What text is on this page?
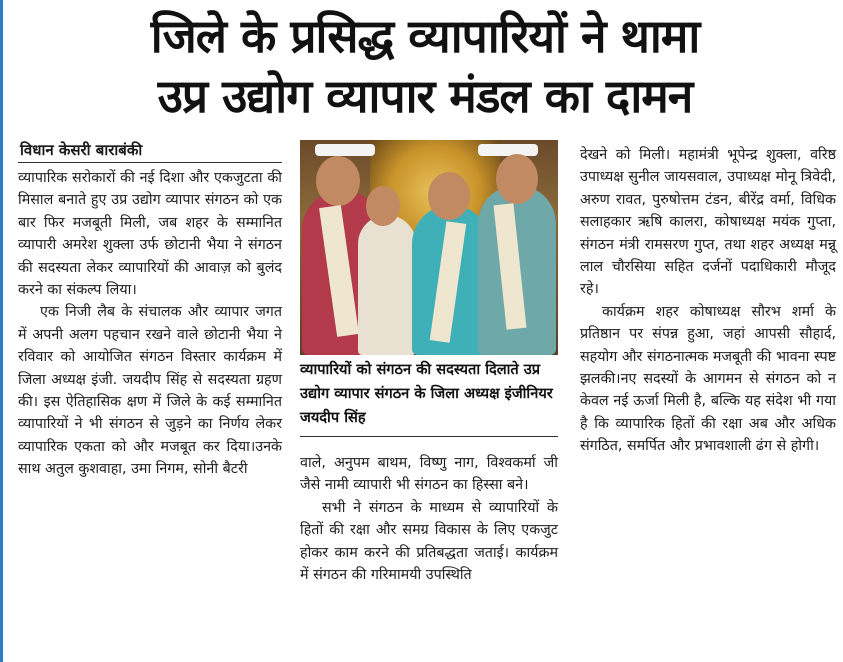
जिले के प्रसिद्ध व्यापारियों ने थामा
उप्र उद्योग व्यापार मंडल का दामन
विधान केसरी बाराबंकी

व्यापारिक सरोकारों की नई दिशा और एकजुटता की मिसाल बनाते हुए उप्र उद्योग व्यापार संगठन को एक बार फिर मजबूती मिली, जब शहर के सम्मानित व्यापारी अमरेश शुक्ला उर्फ छोटानी भैया ने संगठन की सदस्यता लेकर व्यापारियों की आवाज़ को बुलंद करने का संकल्प लिया।

एक निजी लैब के संचालक और व्यापार जगत में अपनी अलग पहचान रखने वाले छोटानी भैया ने रविवार को आयोजित संगठन विस्तार कार्यक्रम में जिला अध्यक्ष इंजी. जयदीप सिंह से सदस्यता ग्रहण की। इस ऐतिहासिक क्षण में जिले के कई सम्मानित व्यापारियों ने भी संगठन से जुड़ने का निर्णय लेकर व्यापारिक एकता को और मजबूत कर दिया।उनके साथ अतुल कुशवाहा, उमा निगम, सोनी बैटरी

व्यापारियों को संगठन की सदस्यता दिलाते उप्र उद्योग व्यापार संगठन के जिला अध्यक्ष इंजीनियर जयदीप सिंह

वाले, अनुपम बाथम, विष्णु नाग, विश्वकर्मा जी जैसे नामी व्यापारी भी संगठन का हिस्सा बने।

सभी ने संगठन के माध्यम से व्यापारियों के हितों की रक्षा और समग्र विकास के लिए एकजुट होकर काम करने की प्रतिबद्धता जताई। कार्यक्रम में संगठन की गरिमामयी उपस्थिति

देखने को मिली। महामंत्री भूपेन्द्र शुक्ला, वरिष्ठ उपाध्यक्ष सुनील जायसवाल, उपाध्यक्ष मोनू त्रिवेदी, अरुण रावत, पुरुषोत्तम टंडन, बीरेंद्र वर्मा, विधिक सलाहकार ऋषि कालरा, कोषाध्यक्ष मयंक गुप्ता, संगठन मंत्री रामसरण गुप्त, तथा शहर अध्यक्ष मन्नू लाल चौरसिया सहित दर्जनों पदाधिकारी मौजूद रहे।

कार्यक्रम शहर कोषाध्यक्ष सौरभ शर्मा के प्रतिष्ठान पर संपन्न हुआ, जहां आपसी सौहार्द, सहयोग और संगठनात्मक मजबूती की भावना स्पष्ट झलकी।नए सदस्यों के आगमन से संगठन को न केवल नई ऊर्जा मिली है, बल्कि यह संदेश भी गया है कि व्यापारिक हितों की रक्षा अब और अधिक संगठित, समर्पित और प्रभावशाली ढंग से होगी।
